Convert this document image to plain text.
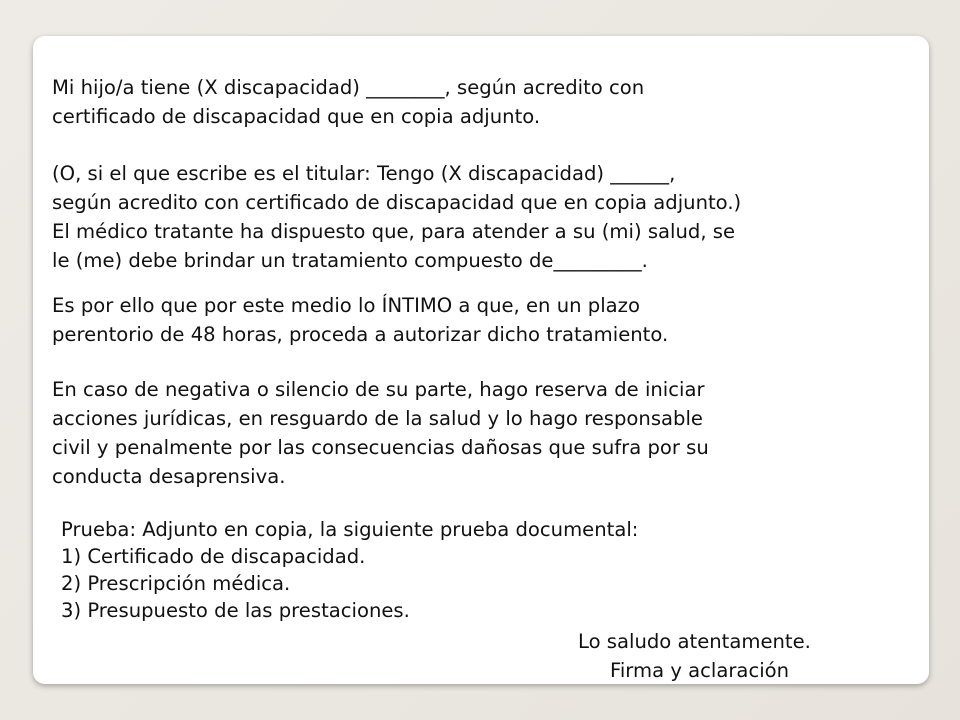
Mi hijo/a tiene (X discapacidad) ________, según acredito con
certificado de discapacidad que en copia adjunto.
(O, si el que escribe es el titular: Tengo (X discapacidad) ______,
según acredito con certificado de discapacidad que en copia adjunto.)
El médico tratante ha dispuesto que, para atender a su (mi) salud, se
le (me) debe brindar un tratamiento compuesto de_________.
Es por ello que por este medio lo ÍNTIMO a que, en un plazo
perentorio de 48 horas, proceda a autorizar dicho tratamiento.
En caso de negativa o silencio de su parte, hago reserva de iniciar
acciones jurídicas, en resguardo de la salud y lo hago responsable
civil y penalmente por las consecuencias dañosas que sufra por su
conducta desaprensiva.
Prueba: Adjunto en copia, la siguiente prueba documental:
1) Certificado de discapacidad.
2) Prescripción médica.
3) Presupuesto de las prestaciones.
Lo saludo atentamente.
Firma y aclaración
